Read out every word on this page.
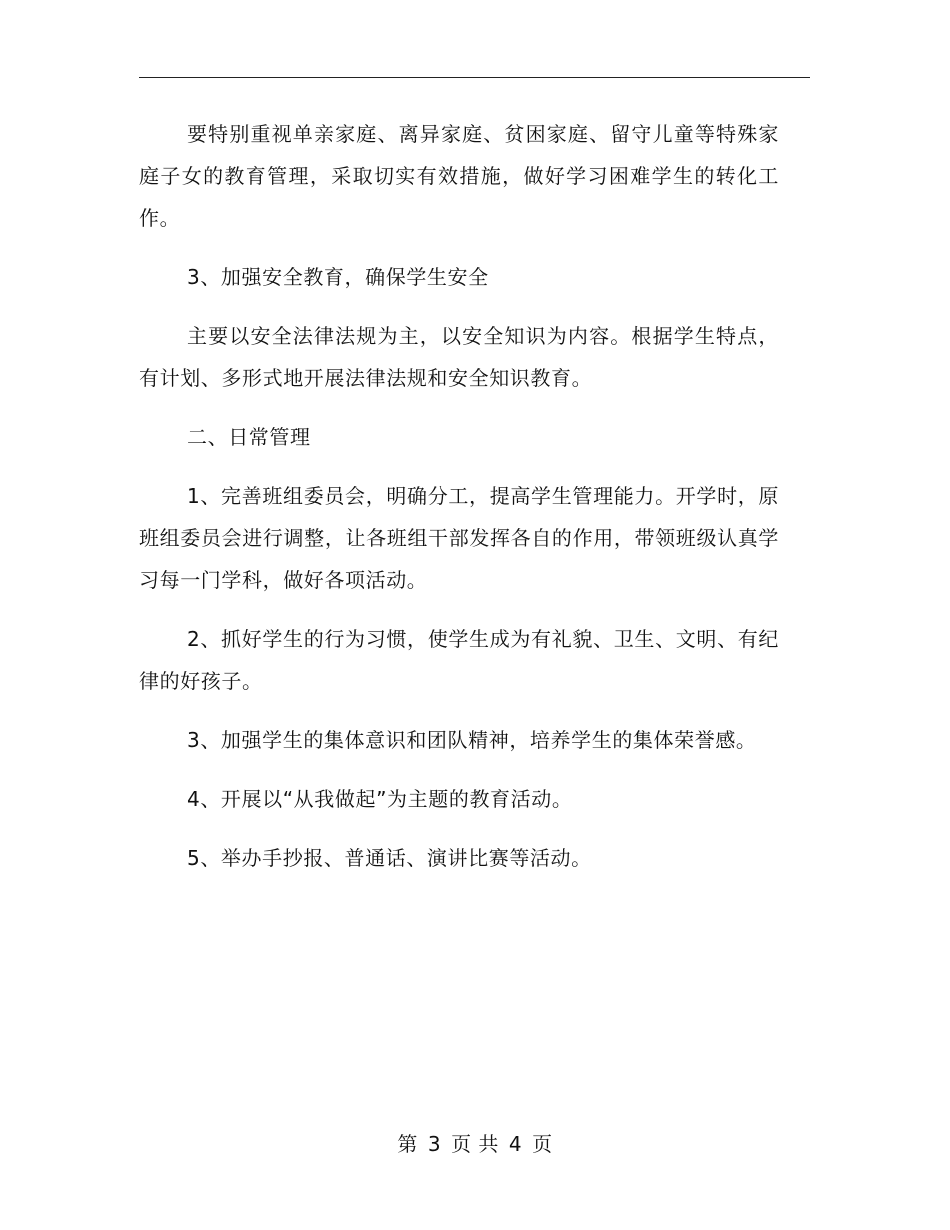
要特别重视单亲家庭、离异家庭、贫困家庭、留守儿童等特殊家庭子女的教育管理，采取切实有效措施，做好学习困难学生的转化工作。

3、加强安全教育，确保学生安全

主要以安全法律法规为主，以安全知识为内容。根据学生特点，有计划、多形式地开展法律法规和安全知识教育。

二、日常管理

1、完善班组委员会，明确分工，提高学生管理能力。开学时，原班组委员会进行调整，让各班组干部发挥各自的作用，带领班级认真学习每一门学科，做好各项活动。

2、抓好学生的行为习惯，使学生成为有礼貌、卫生、文明、有纪律的好孩子。

3、加强学生的集体意识和团队精神，培养学生的集体荣誉感。

4、开展以“从我做起”为主题的教育活动。

5、举办手抄报、普通话、演讲比赛等活动。

第 3 页 共 4 页
